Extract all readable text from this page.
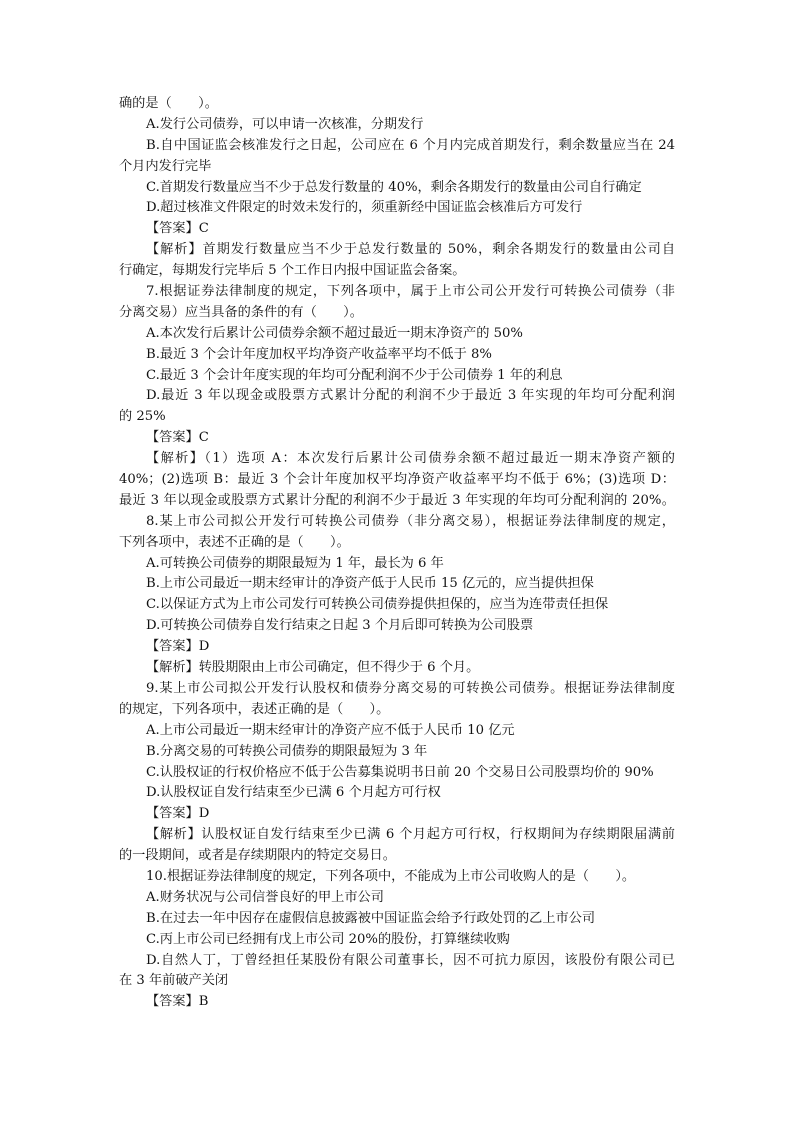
确的是（　　）。
A.发行公司债券，可以申请一次核准，分期发行
B.自中国证监会核准发行之日起，公司应在 6 个月内完成首期发行，剩余数量应当在 24
个月内发行完毕
C.首期发行数量应当不少于总发行数量的 40%，剩余各期发行的数量由公司自行确定
D.超过核准文件限定的时效未发行的，须重新经中国证监会核准后方可发行
【答案】C
【解析】首期发行数量应当不少于总发行数量的 50%，剩余各期发行的数量由公司自
行确定，每期发行完毕后 5 个工作日内报中国证监会备案。
7.根据证券法律制度的规定，下列各项中，属于上市公司公开发行可转换公司债券（非
分离交易）应当具备的条件的有（　　）。
A.本次发行后累计公司债券余额不超过最近一期末净资产的 50%
B.最近 3 个会计年度加权平均净资产收益率平均不低于 8%
C.最近 3 个会计年度实现的年均可分配利润不少于公司债券 1 年的利息
D.最近 3 年以现金或股票方式累计分配的利润不少于最近 3 年实现的年均可分配利润
的 25%
【答案】C
【解析】（1）选项 A：本次发行后累计公司债券余额不超过最近一期末净资产额的
40%；(2)选项 B：最近 3 个会计年度加权平均净资产收益率平均不低于 6%；(3)选项 D：
最近 3 年以现金或股票方式累计分配的利润不少于最近 3 年实现的年均可分配利润的 20%。
8.某上市公司拟公开发行可转换公司债券（非分离交易），根据证券法律制度的规定，
下列各项中，表述不正确的是（　　）。
A.可转换公司债券的期限最短为 1 年，最长为 6 年
B.上市公司最近一期末经审计的净资产低于人民币 15 亿元的，应当提供担保
C.以保证方式为上市公司发行可转换公司债券提供担保的，应当为连带责任担保
D.可转换公司债券自发行结束之日起 3 个月后即可转换为公司股票
【答案】D
【解析】转股期限由上市公司确定，但不得少于 6 个月。
9.某上市公司拟公开发行认股权和债券分离交易的可转换公司债券。根据证券法律制度
的规定，下列各项中，表述正确的是（　　）。
A.上市公司最近一期末经审计的净资产应不低于人民币 10 亿元
B.分离交易的可转换公司债券的期限最短为 3 年
C.认股权证的行权价格应不低于公告募集说明书日前 20 个交易日公司股票均价的 90%
D.认股权证自发行结束至少已满 6 个月起方可行权
【答案】D
【解析】认股权证自发行结束至少已满 6 个月起方可行权，行权期间为存续期限届满前
的一段期间，或者是存续期限内的特定交易日。
10.根据证券法律制度的规定，下列各项中，不能成为上市公司收购人的是（　　）。
A.财务状况与公司信誉良好的甲上市公司
B.在过去一年中因存在虚假信息披露被中国证监会给予行政处罚的乙上市公司
C.丙上市公司已经拥有戊上市公司 20%的股份，打算继续收购
D.自然人丁，丁曾经担任某股份有限公司董事长，因不可抗力原因，该股份有限公司已
在 3 年前破产关闭
【答案】B
